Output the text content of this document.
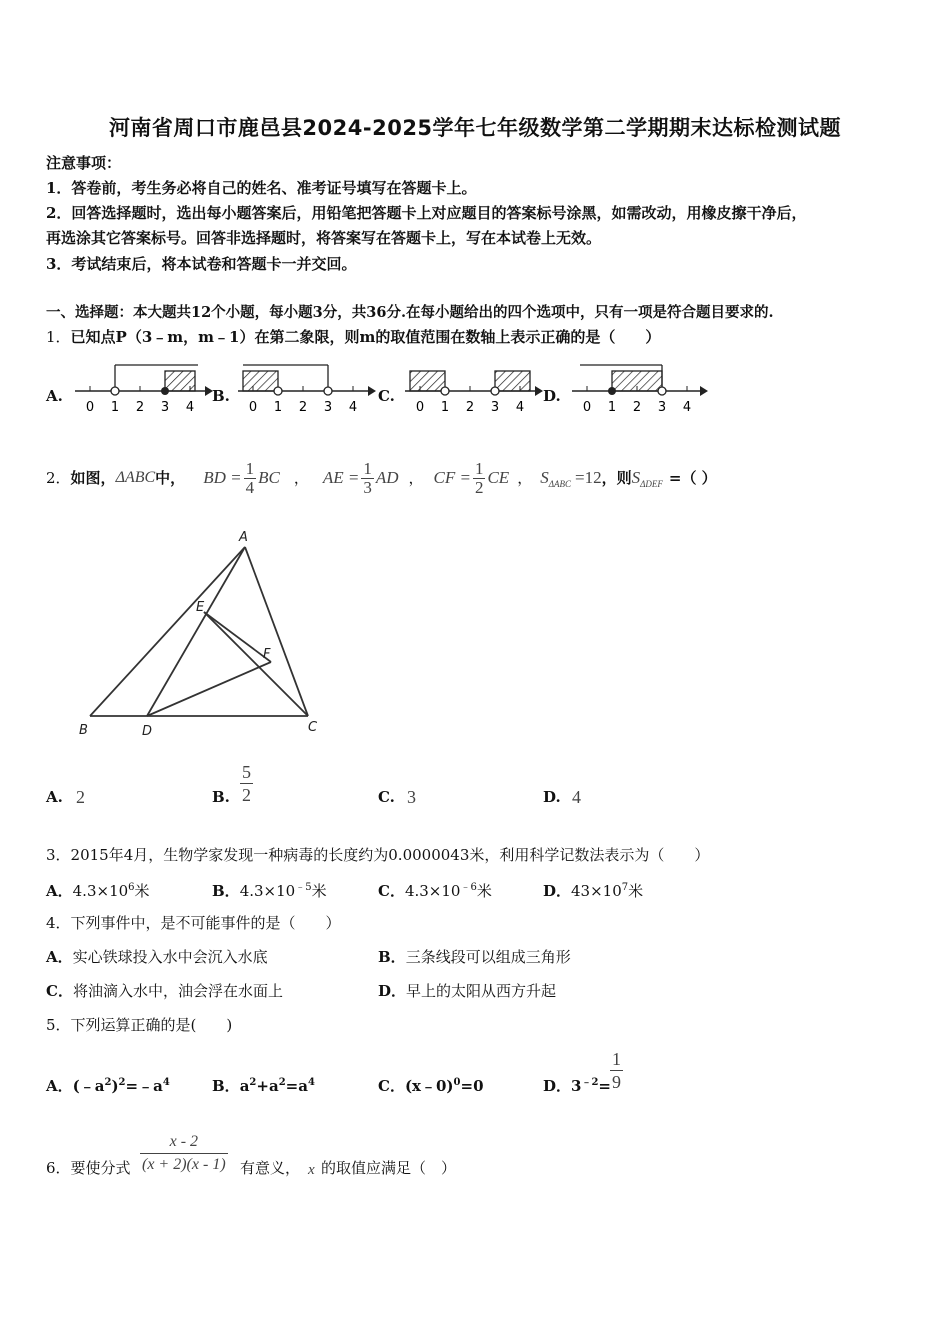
河南省周口市鹿邑县2024-2025学年七年级数学第二学期期末达标检测试题
注意事项：
1．答卷前，考生务必将自己的姓名、准考证号填写在答题卡上。
2．回答选择题时，选出每小题答案后，用铅笔把答题卡上对应题目的答案标号涂黑，如需改动，用橡皮擦干净后，
再选涂其它答案标号。回答非选择题时，将答案写在答题卡上，写在本试卷上无效。
3．考试结束后，将本试卷和答题卡一并交回。
一、选择题：本大题共12个小题，每小题3分，共36分.在每小题给出的四个选项中，只有一项是符合题目要求的.
1．已知点P（3﹣m，m﹣1）在第二象限，则m的取值范围在数轴上表示正确的是（　　）
A.	B.	C.	D.
0 1 2 3 4	0 1 2 3 4	0 1 2 3 4	0 1 2 3 4
2． 如图， ΔABC 中， BD = $\frac{1}{4}$ BC ， AE = $\frac{1}{3}$ AD ， CF = $\frac{1}{2}$ CE ， S ΔABC =12 ，则 S ΔDEF =（ ）
A
E
F
B	D	C
A. 2	B. $\frac{5}{2}$	C. 3	D. 4
3．2015年4月，生物学家发现一种病毒的长度约为0.0000043米，利用科学记数法表示为（　　）
A．$4.3\times 10^6$米	B．$4.3\times 10^{﹣5}$米	C．$4.3\times 10^{﹣6}$米	D．$43\times 10^7$米
4．下列事件中，是不可能事件的是（　　）
A．实心铁球投入水中会沉入水底	B．三条线段可以组成三角形
C．将油滴入水中，油会浮在水面上	D．早上的太阳从西方升起
5．下列运算正确的是(　　)
A．$(﹣a^2)^2=﹣a^4$	B．$a^2+a^2=a^4$	C．(x﹣0)$^0$=0	D．$3^{﹣2}= \frac{1}{9}$
6．要使分式 $\frac{x - 2}{(x + 2)(x - 1)}$ 有意义， x 的取值应满足（　）
